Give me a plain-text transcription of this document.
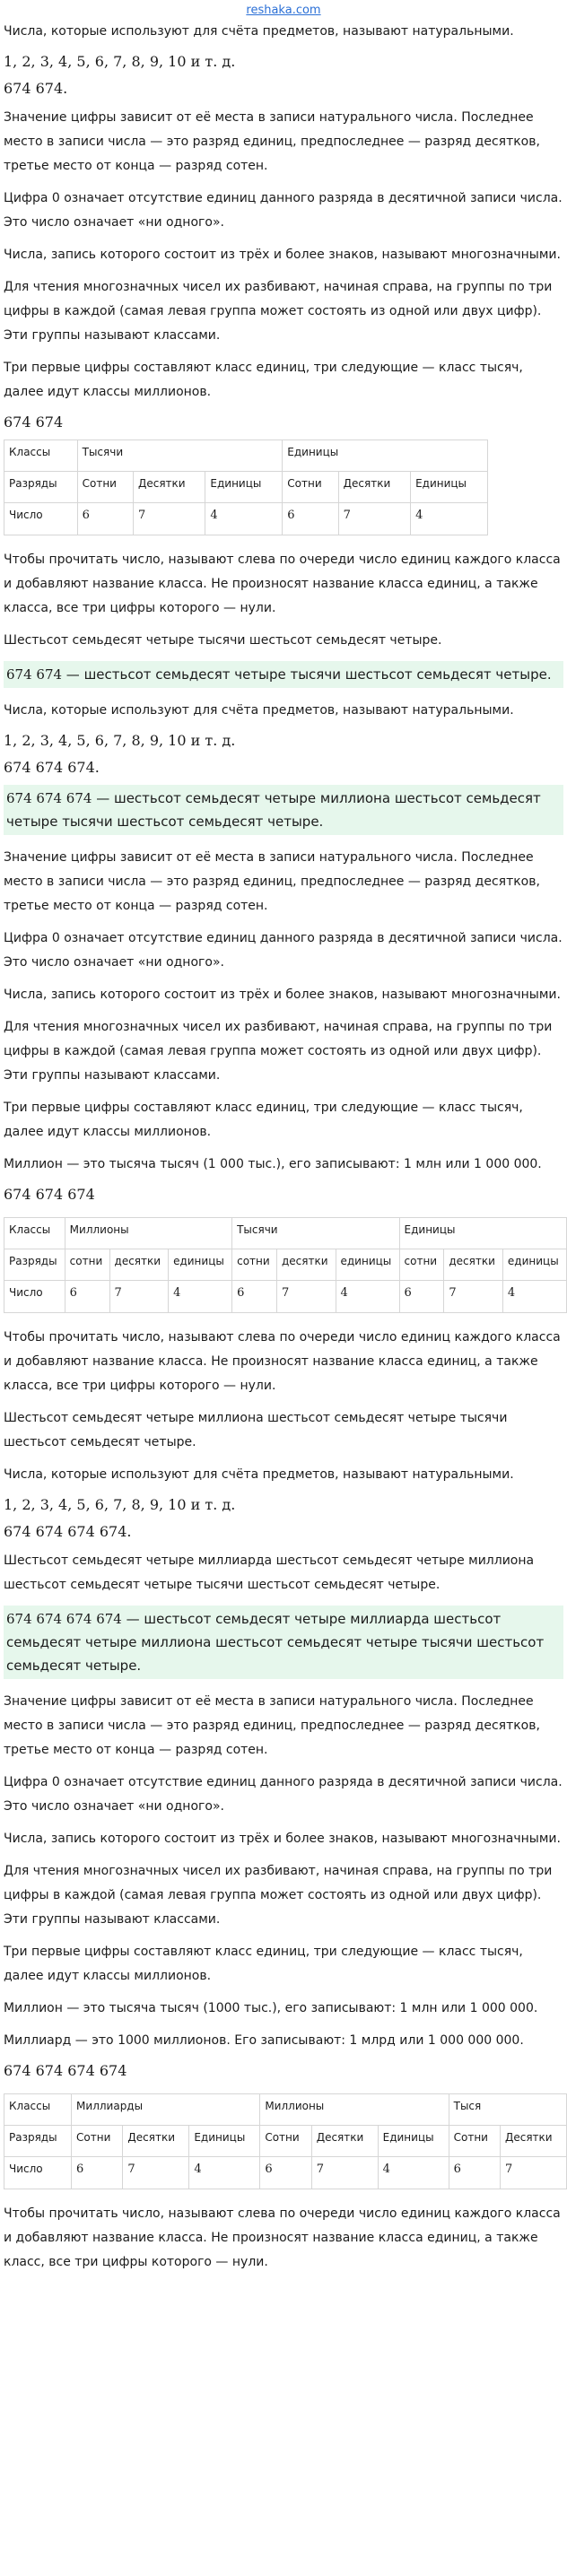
reshaka.com

Числа, которые используют для счёта предметов, называют натуральными.

1, 2, 3, 4, 5, 6, 7, 8, 9, 10 и т. д.

674 674.

Значение цифры зависит от её места в записи натурального числа. Последнее место в записи числа — это разряд единиц, предпоследнее — разряд десятков, третье место от конца — разряд сотен.

Цифра 0 означает отсутствие единиц данного разряда в десятичной записи числа. Это число означает «ни одного».

Числа, запись которого состоит из трёх и более знаков, называют многозначными.

Для чтения многозначных чисел их разбивают, начиная справа, на группы по три цифры в каждой (самая левая группа может состоять из одной или двух цифр). Эти группы называют классами.

Три первые цифры составляют класс единиц, три следующие — класс тысяч, далее идут классы миллионов.

674 674

Классы	Тысячи			Единицы		
Разряды	Сотни	Десятки	Единицы	Сотни	Десятки	Единицы
Число	6	7	4	6	7	4

Чтобы прочитать число, называют слева по очереди число единиц каждого класса и добавляют название класса. Не произносят название класса единиц, а также класса, все три цифры которого — нули.

Шестьсот семьдесят четыре тысячи шестьсот семьдесят четыре.

674 674 — шестьсот семьдесят четыре тысячи шестьсот семьдесят четыре.

Числа, которые используют для счёта предметов, называют натуральными.

1, 2, 3, 4, 5, 6, 7, 8, 9, 10 и т. д.

674 674 674.

674 674 674 — шестьсот семьдесят четыре миллиона шестьсот семьдесят четыре тысячи шестьсот семьдесят четыре.

Значение цифры зависит от её места в записи натурального числа. Последнее место в записи числа — это разряд единиц, предпоследнее — разряд десятков, третье место от конца — разряд сотен.

Цифра 0 означает отсутствие единиц данного разряда в десятичной записи числа. Это число означает «ни одного».

Числа, запись которого состоит из трёх и более знаков, называют многозначными.

Для чтения многозначных чисел их разбивают, начиная справа, на группы по три цифры в каждой (самая левая группа может состоять из одной или двух цифр). Эти группы называют классами.

Три первые цифры составляют класс единиц, три следующие — класс тысяч, далее идут классы миллионов.

Миллион — это тысяча тысяч (1 000 тыс.), его записывают: 1 млн или 1 000 000.

674 674 674

Классы	Миллионы			Тысячи			Единицы		
Разряды	сотни	десятки	единицы	сотни	десятки	единицы	сотни	десятки	единицы
Число	6	7	4	6	7	4	6	7	4

Чтобы прочитать число, называют слева по очереди число единиц каждого класса и добавляют название класса. Не произносят название класса единиц, а также класса, все три цифры которого — нули.

Шестьсот семьдесят четыре миллиона шестьсот семьдесят четыре тысячи шестьсот семьдесят четыре.

Числа, которые используют для счёта предметов, называют натуральными.

1, 2, 3, 4, 5, 6, 7, 8, 9, 10 и т. д.

674 674 674 674.

Шестьсот семьдесят четыре миллиарда шестьсот семьдесят четыре миллиона шестьсот семьдесят четыре тысячи шестьсот семьдесят четыре.

674 674 674 674 — шестьсот семьдесят четыре миллиарда шестьсот семьдесят четыре миллиона шестьсот семьдесят четыре тысячи шестьсот семьдесят четыре.

Значение цифры зависит от её места в записи натурального числа. Последнее место в записи числа — это разряд единиц, предпоследнее — разряд десятков, третье место от конца — разряд сотен.

Цифра 0 означает отсутствие единиц данного разряда в десятичной записи числа. Это число означает «ни одного».

Числа, запись которого состоит из трёх и более знаков, называют многозначными.

Для чтения многозначных чисел их разбивают, начиная справа, на группы по три цифры в каждой (самая левая группа может состоять из одной или двух цифр). Эти группы называют классами.

Три первые цифры составляют класс единиц, три следующие — класс тысяч, далее идут классы миллионов.

Миллион — это тысяча тысяч (1000 тыс.), его записывают: 1 млн или 1 000 000.

Миллиард — это 1000 миллионов. Его записывают: 1 млрд или 1 000 000 000.

674 674 674 674

Классы	Миллиарды			Миллионы			Тыся	
Разряды	Сотни	Десятки	Единицы	Сотни	Десятки	Единицы	Сотни	Десятки
Число	6	7	4	6	7	4	6	7

Чтобы прочитать число, называют слева по очереди число единиц каждого класса и добавляют название класса. Не произносят название класса единиц, а также класс, все три цифры которого — нули.
